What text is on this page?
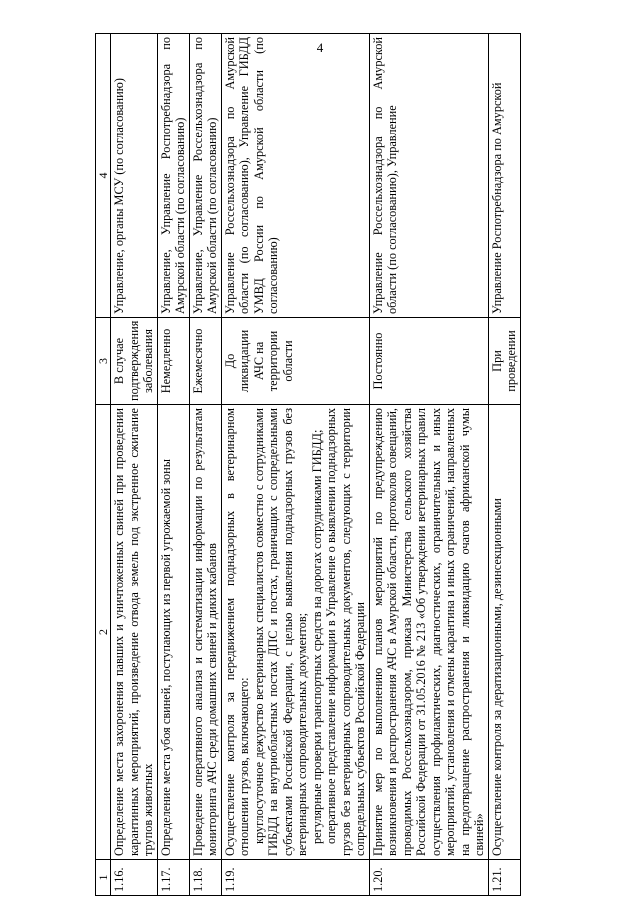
4
1	2	3	4
1.16.	Определение места захоронения павших и уничтоженных свиней при проведении карантинных мероприятий, произведение отвода земель под экстренное сжигание трупов животных	В случае подтверждения заболевания	Управление, органы МСУ (по согласованию)
1.17.	Определение места убоя свиней, поступающих из первой угрожаемой зоны	Немедленно	Управление, Управление Роспотребнадзора по Амурской области (по согласованию)
1.18.	Проведение оперативного анализа и систематизации информации по результатам мониторинга АЧС среди домашних свиней и диких кабанов	Ежемесячно	Управление, Управление Россельхознадзора по Амурской области (по согласованию)
1.19.	Осуществление контроля за передвижением поднадзорных в ветеринарном отношении грузов, включающего: круглосуточное дежурство ветеринарных специалистов совместно с сотрудниками ГИБДД на внутриобластных постах ДПС и постах, граничащих с сопредельными субъектами Российской Федерации, с целью выявления поднадзорных грузов без ветеринарных сопроводительных документов; регулярные проверки транспортных средств на дорогах сотрудниками ГИБДД; оперативное представление информации в Управление о выявлении поднадзорных грузов без ветеринарных сопроводительных документов, следующих с территории сопредельных субъектов Российской Федерации	До ликвидации АЧС на территории области	Управление Россельхознадзора по Амурской области (по согласованию), Управление ГИБДД УМВД России по Амурской области (по согласованию)
1.20.	Принятие мер по выполнению планов мероприятий по предупреждению возникновения и распространения АЧС в Амурской области, протоколов совещаний, проводимых Россельхознадзором, приказа Министерства сельского хозяйства Российской Федерации от 31.05.2016 № 213 «Об утверждении ветеринарных правил осуществления профилактических, диагностических, ограничительных и иных мероприятий, установления и отмены карантина и иных ограничений, направленных на предотвращение распространения и ликвидацию очагов африканской чумы свиней»	Постоянно	Управление Россельхознадзора по Амурской области (по согласованию), Управление
1.21.	Осуществление контроля за дератизационными, дезинсекционными	При проведении	Управление Роспотребнадзора по Амурской
